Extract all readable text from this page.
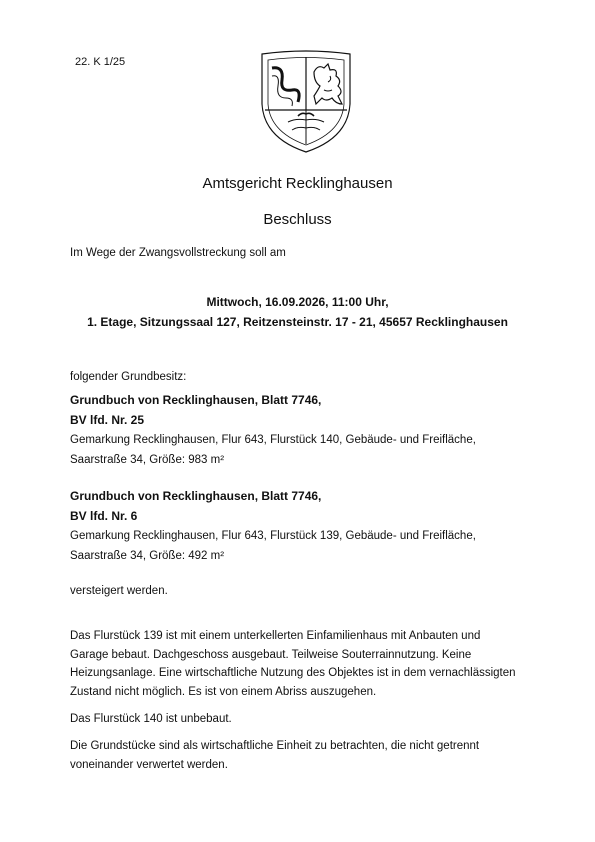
22. K 1/25
Amtsgericht Recklinghausen
Beschluss
Im Wege der Zwangsvollstreckung soll am
Mittwoch, 16.09.2026, 11:00 Uhr,
1. Etage, Sitzungssaal 127, Reitzensteinstr. 17 - 21, 45657 Recklinghausen
folgender Grundbesitz:
Grundbuch von Recklinghausen, Blatt 7746,
BV lfd. Nr. 25
Gemarkung Recklinghausen, Flur 643, Flurstück 140, Gebäude- und Freifläche,
Saarstraße 34, Größe: 983 m²
Grundbuch von Recklinghausen, Blatt 7746,
BV lfd. Nr. 6
Gemarkung Recklinghausen, Flur 643, Flurstück 139, Gebäude- und Freifläche,
Saarstraße 34, Größe: 492 m²
versteigert werden.
Das Flurstück 139 ist mit einem unterkellerten Einfamilienhaus mit Anbauten und Garage bebaut. Dachgeschoss ausgebaut. Teilweise Souterrainnutzung. Keine Heizungsanlage. Eine wirtschaftliche Nutzung des Objektes ist in dem vernachlässigten Zustand nicht möglich. Es ist von einem Abriss auszugehen.
Das Flurstück 140 ist unbebaut.
Die Grundstücke sind als wirtschaftliche Einheit zu betrachten, die nicht getrennt voneinander verwertet werden.
